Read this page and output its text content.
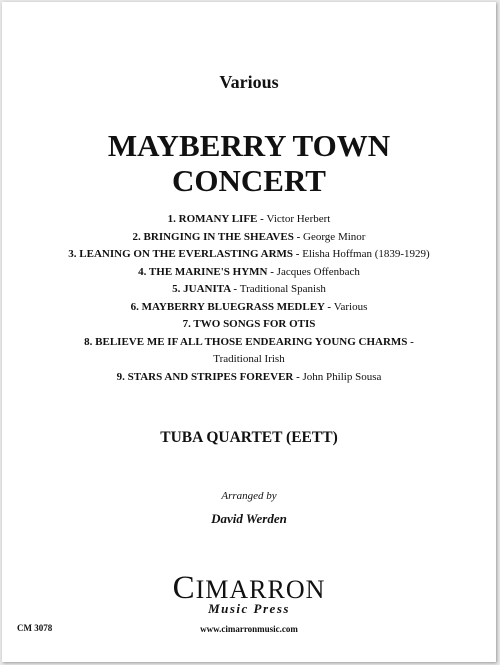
Various
MAYBERRY TOWN
CONCERT
1. ROMANY LIFE - Victor Herbert
2. BRINGING IN THE SHEAVES - George Minor
3. LEANING ON THE EVERLASTING ARMS - Elisha Hoffman (1839-1929)
4. THE MARINE'S HYMN - Jacques Offenbach
5. JUANITA - Traditional Spanish
6. MAYBERRY BLUEGRASS MEDLEY - Various
7. TWO SONGS FOR OTIS
8. BELIEVE ME IF ALL THOSE ENDEARING YOUNG CHARMS -
Traditional Irish
9. STARS AND STRIPES FOREVER - John Philip Sousa
TUBA QUARTET (EETT)
Arranged by
David Werden
CIMARRON
Music Press
CM 3078	www.cimarronmusic.com
